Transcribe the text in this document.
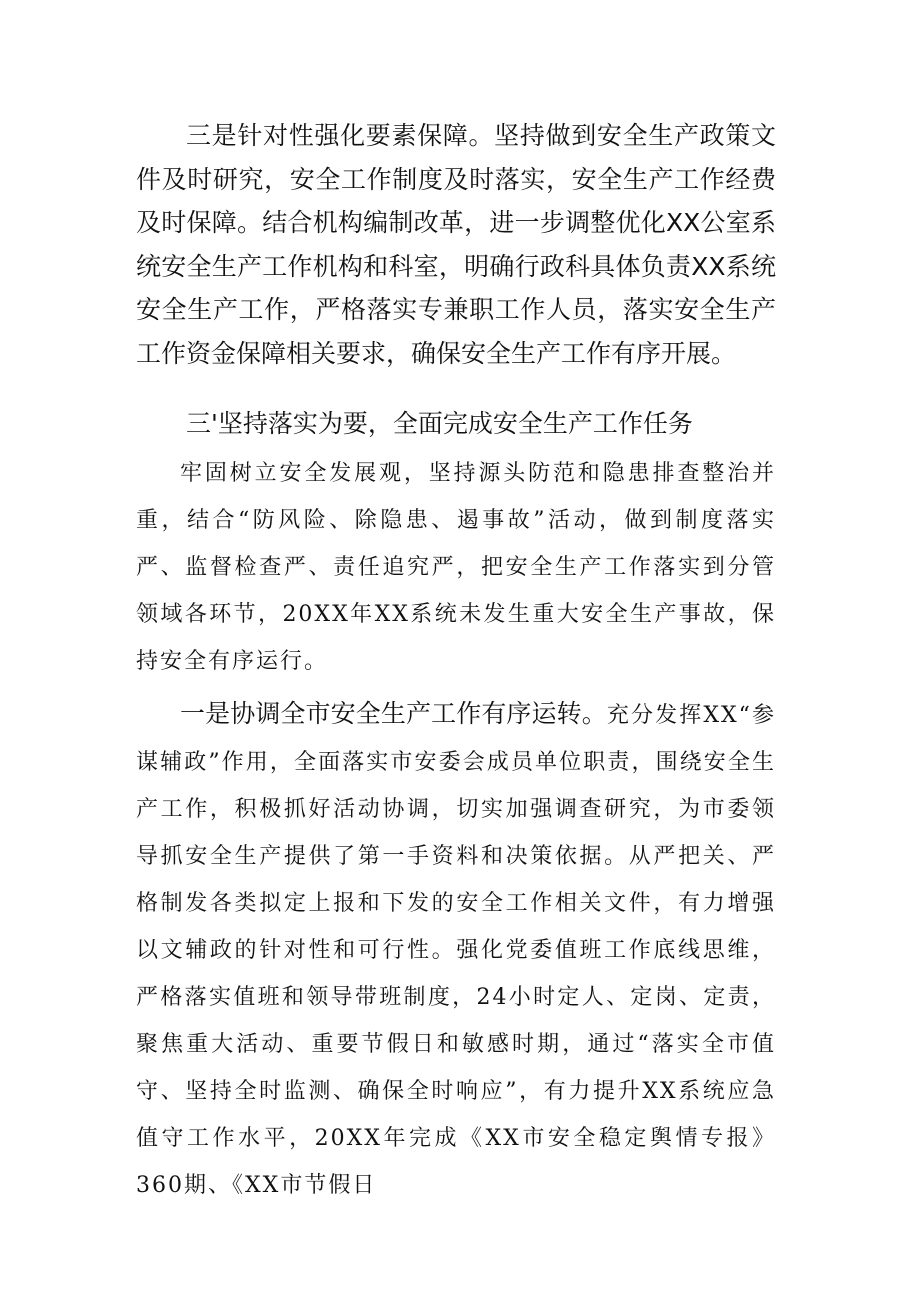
三是针对性强化要素保障。坚持做到安全生产政策文件及时研究，安全工作制度及时落实，安全生产工作经费及时保障。结合机构编制改革，进一步调整优化XX公室系统安全生产工作机构和科室，明确行政科具体负责XX系统安全生产工作，严格落实专兼职工作人员，落实安全生产工作资金保障相关要求，确保安全生产工作有序开展。

三'坚持落实为要，全面完成安全生产工作任务

牢固树立安全发展观，坚持源头防范和隐患排查整治并重，结合“防风险、除隐患、遏事故”活动，做到制度落实严、监督检查严、责任追究严，把安全生产工作落实到分管领域各环节，20XX年XX系统未发生重大安全生产事故，保持安全有序运行。

一是协调全市安全生产工作有序运转。充分发挥XX“参谋辅政”作用，全面落实市安委会成员单位职责，围绕安全生产工作，积极抓好活动协调，切实加强调查研究，为市委领导抓安全生产提供了第一手资料和决策依据。从严把关、严格制发各类拟定上报和下发的安全工作相关文件，有力增强以文辅政的针对性和可行性。强化党委值班工作底线思维，严格落实值班和领导带班制度，24小时定人、定岗、定责，聚焦重大活动、重要节假日和敏感时期，通过“落实全市值守、坚持全时监测、确保全时响应”，有力提升XX系统应急值守工作水平，20XX年完成《XX市安全稳定舆情专报》360期、《XX市节假日
